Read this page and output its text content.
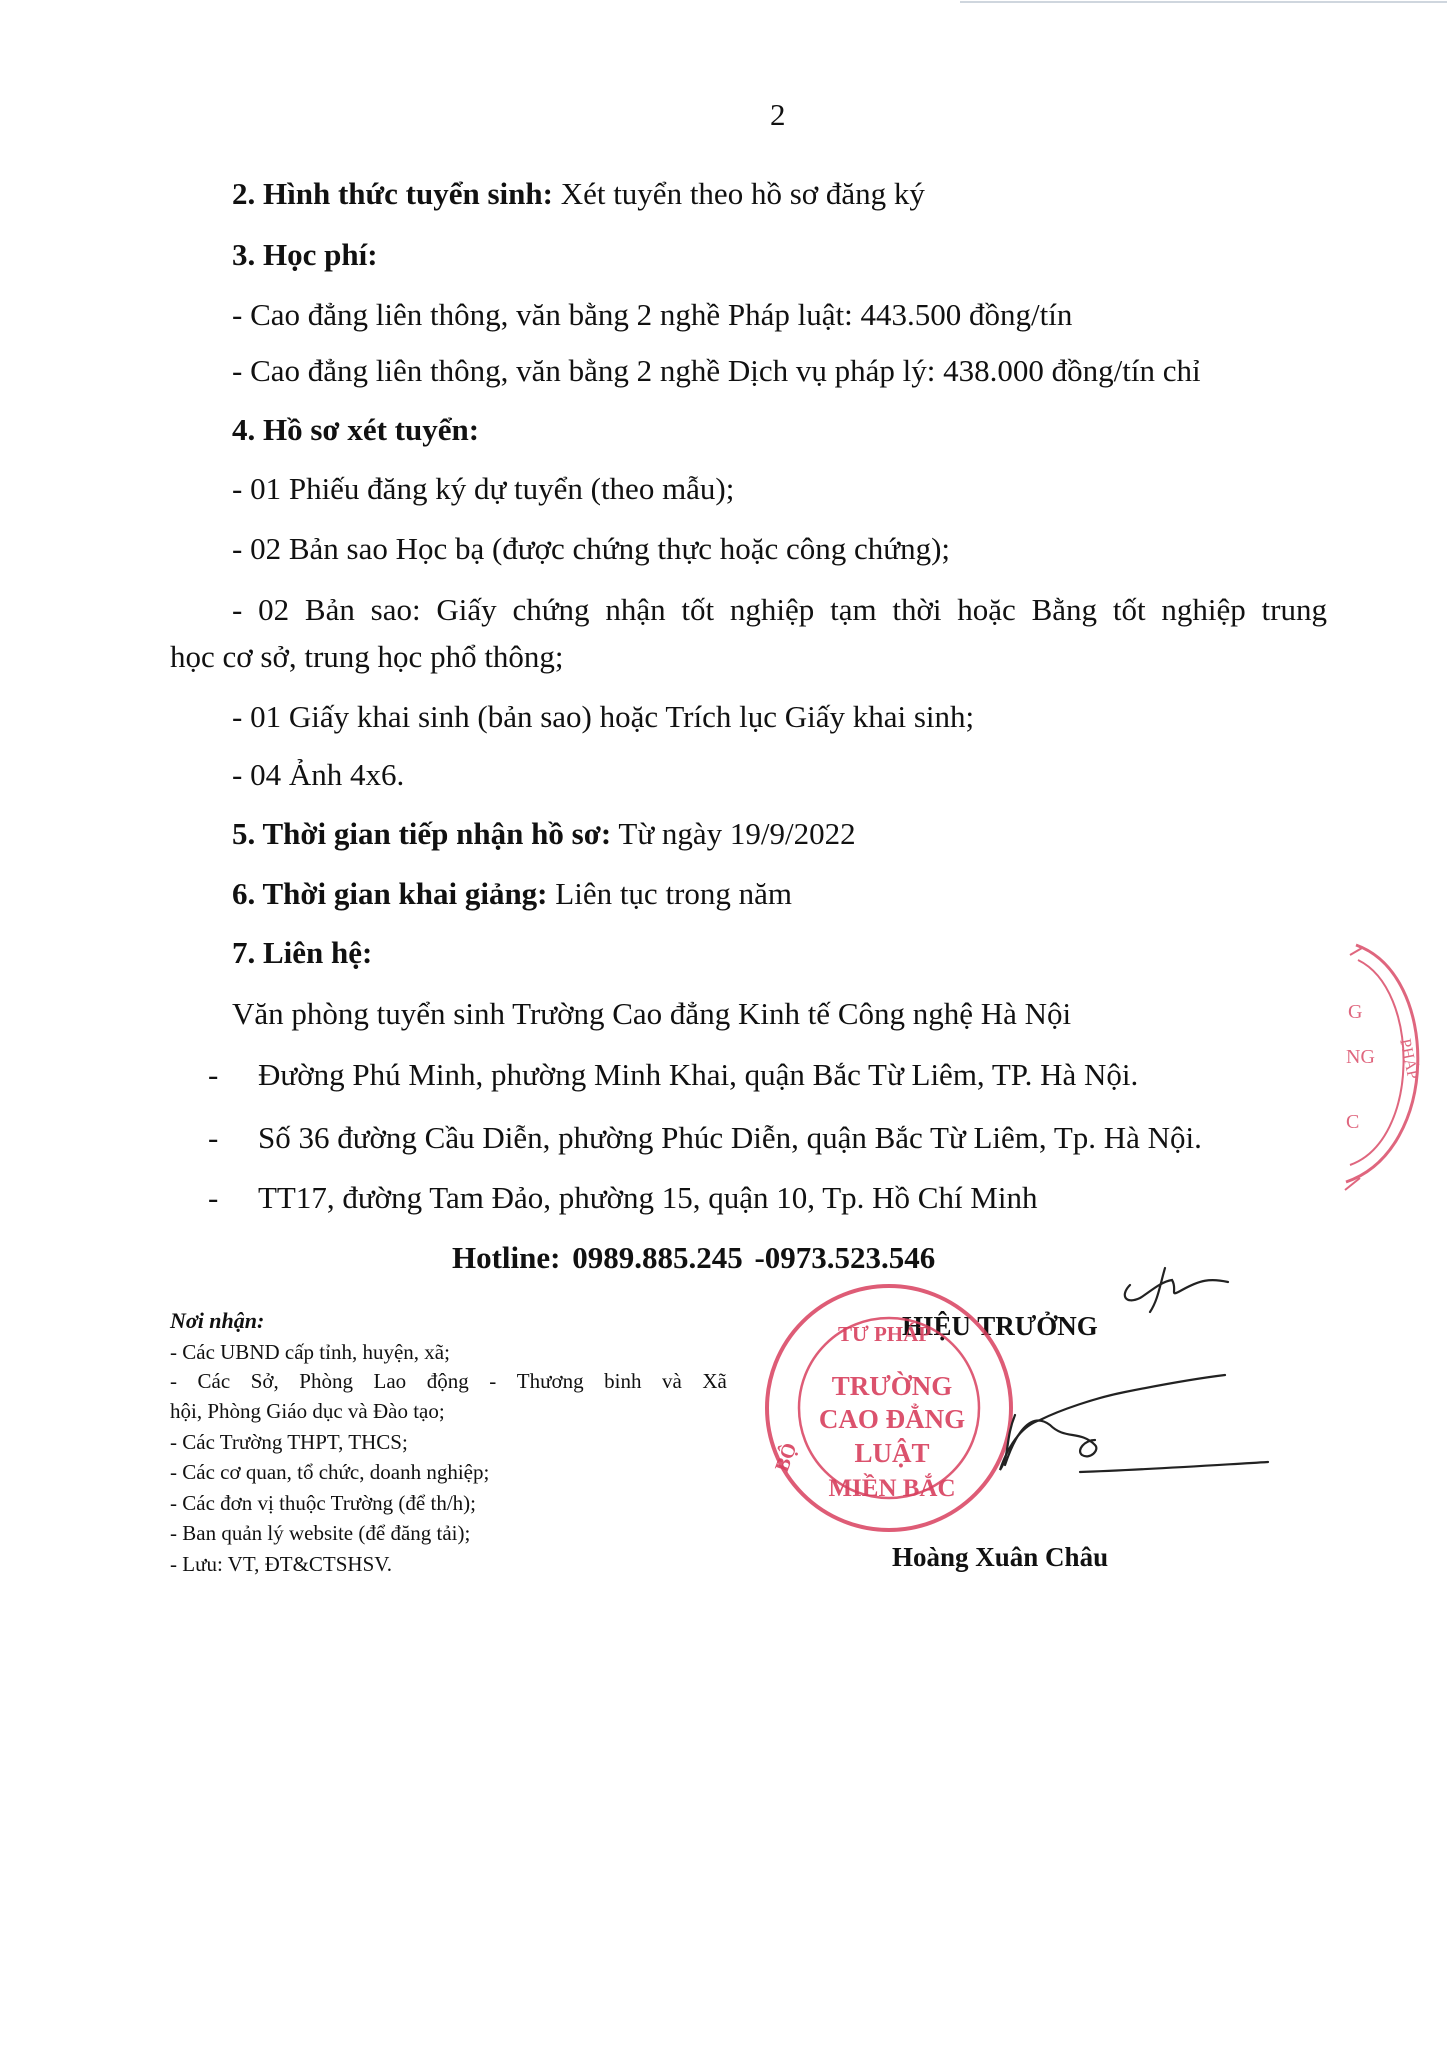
2
2. Hình thức tuyển sinh: Xét tuyển theo hồ sơ đăng ký
3. Học phí:
- Cao đẳng liên thông, văn bằng 2 nghề Pháp luật: 443.500 đồng/tín
- Cao đẳng liên thông, văn bằng 2 nghề Dịch vụ pháp lý: 438.000 đồng/tín chỉ
4. Hồ sơ xét tuyển:
- 01 Phiếu đăng ký dự tuyển (theo mẫu);
- 02 Bản sao Học bạ (được chứng thực hoặc công chứng);
- 02 Bản sao: Giấy chứng nhận tốt nghiệp tạm thời hoặc Bằng tốt nghiệp trung
học cơ sở, trung học phổ thông;
- 01 Giấy khai sinh (bản sao) hoặc Trích lục Giấy khai sinh;
- 04 Ảnh 4x6.
5. Thời gian tiếp nhận hồ sơ: Từ ngày 19/9/2022
6. Thời gian khai giảng: Liên tục trong năm
7. Liên hệ:
Văn phòng tuyển sinh Trường Cao đẳng Kinh tế Công nghệ Hà Nội
- Đường Phú Minh, phường Minh Khai, quận Bắc Từ Liêm, TP. Hà Nội.
- Số 36 đường Cầu Diễn, phường Phúc Diễn, quận Bắc Từ Liêm, Tp. Hà Nội.
- TT17, đường Tam Đảo, phường 15, quận 10, Tp. Hồ Chí Minh
Hotline: 0989.885.245 -0973.523.546
Nơi nhận:
- Các UBND cấp tỉnh, huyện, xã;
- Các Sở, Phòng Lao động - Thương binh và Xã
hội, Phòng Giáo dục và Đào tạo;
- Các Trường THPT, THCS;
- Các cơ quan, tổ chức, doanh nghiệp;
- Các đơn vị thuộc Trường (để th/h);
- Ban quản lý website (để đăng tải);
- Lưu: VT, ĐT&CTSHSV.
HIỆU TRƯỞNG
Hoàng Xuân Châu
TƯ PHÁP
BỘ
TRƯỜNG
CAO ĐẲNG
LUẬT
MIỀN BẮC
G
NG
C
PHÁP
